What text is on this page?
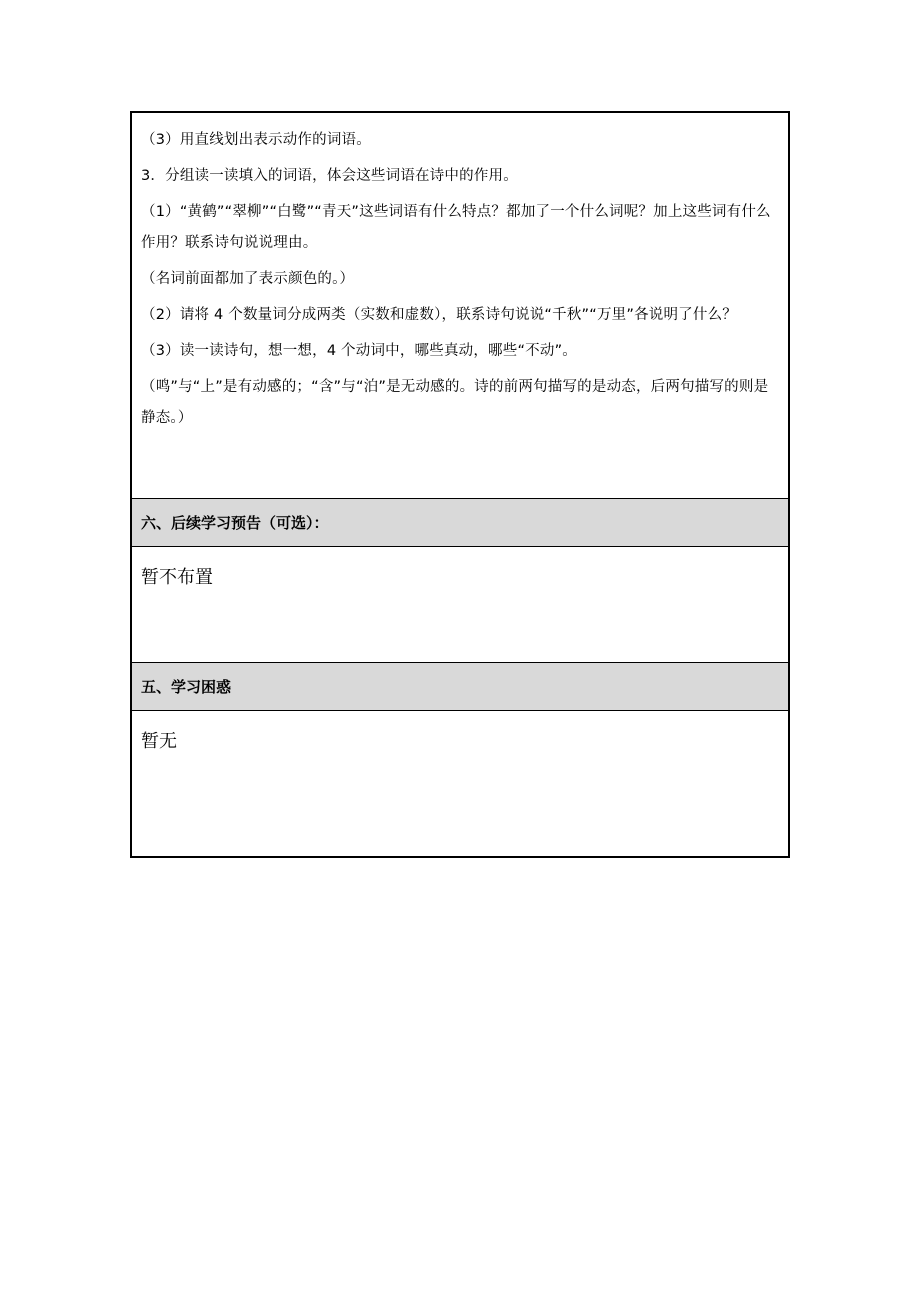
（3）用直线划出表示动作的词语。

3．分组读一读填入的词语，体会这些词语在诗中的作用。

（1）“黄鹤”“翠柳”“白鹭”“青天”这些词语有什么特点？都加了一个什么词呢？加上这些词有什么作用？联系诗句说说理由。

（名词前面都加了表示颜色的。）

（2）请将 4 个数量词分成两类（实数和虚数），联系诗句说说“千秋”“万里”各说明了什么？

（3）读一读诗句，想一想，4 个动词中，哪些真动，哪些“不动”。

（鸣”与“上”是有动感的；“含”与“泊”是无动感的。诗的前两句描写的是动态，后两句描写的则是静态。）

六、后续学习预告（可选）：
暂不布置
五、学习困惑
暂无
